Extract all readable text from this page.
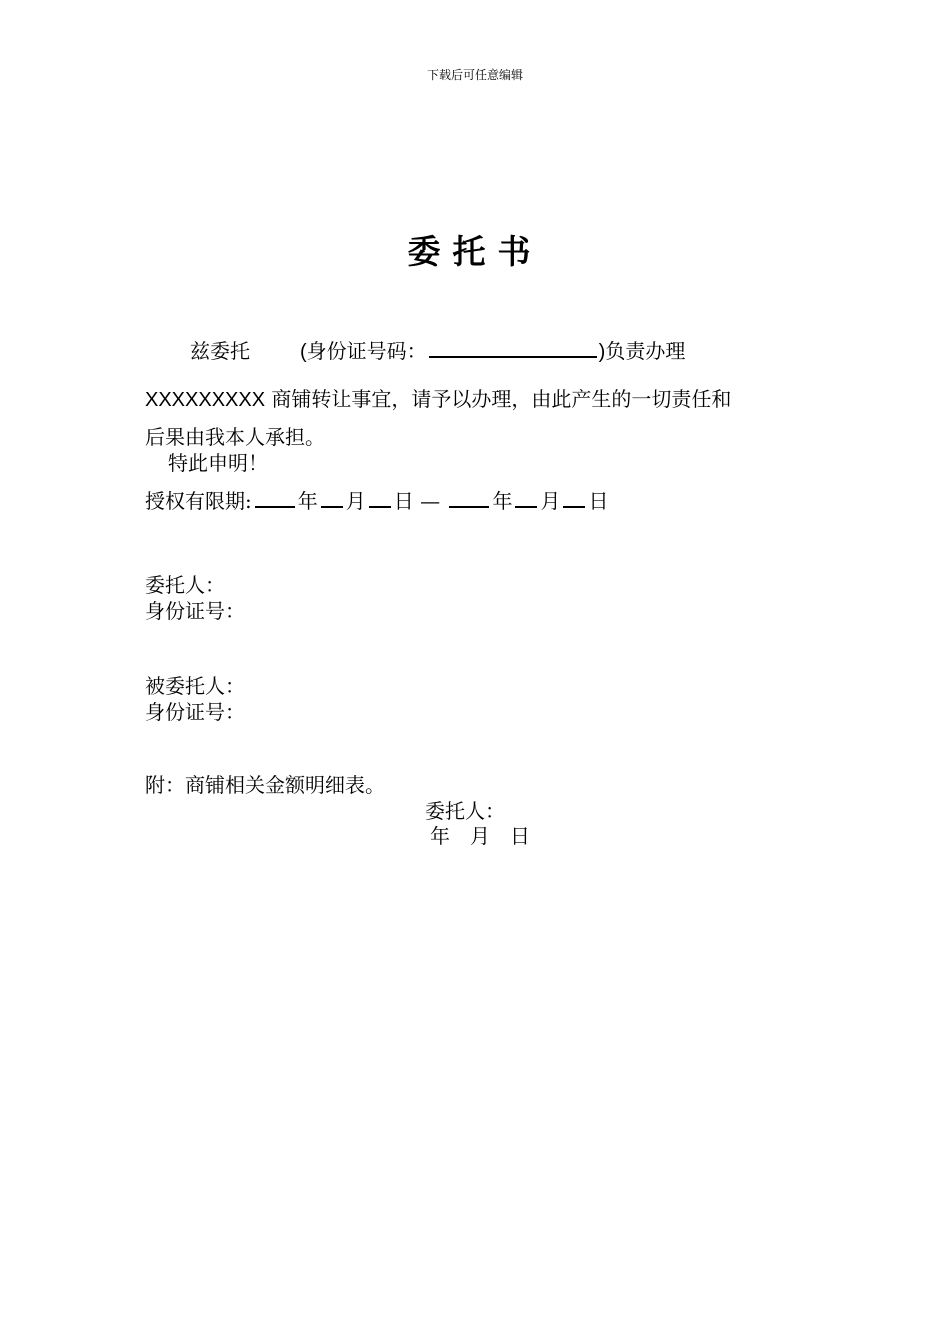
下载后可任意编辑
委托书
兹委托	(身份证号码：	)负责办理
XXXXXXXXX 商铺转让事宜，请予以办理，由此产生的一切责任和
后果由我本人承担。
特此申明！
授权有限期: 年 月 日 — 年 月 日
委托人：
身份证号：
被委托人：
身份证号：
附：商铺相关金额明细表。
委托人：
年　月　日
